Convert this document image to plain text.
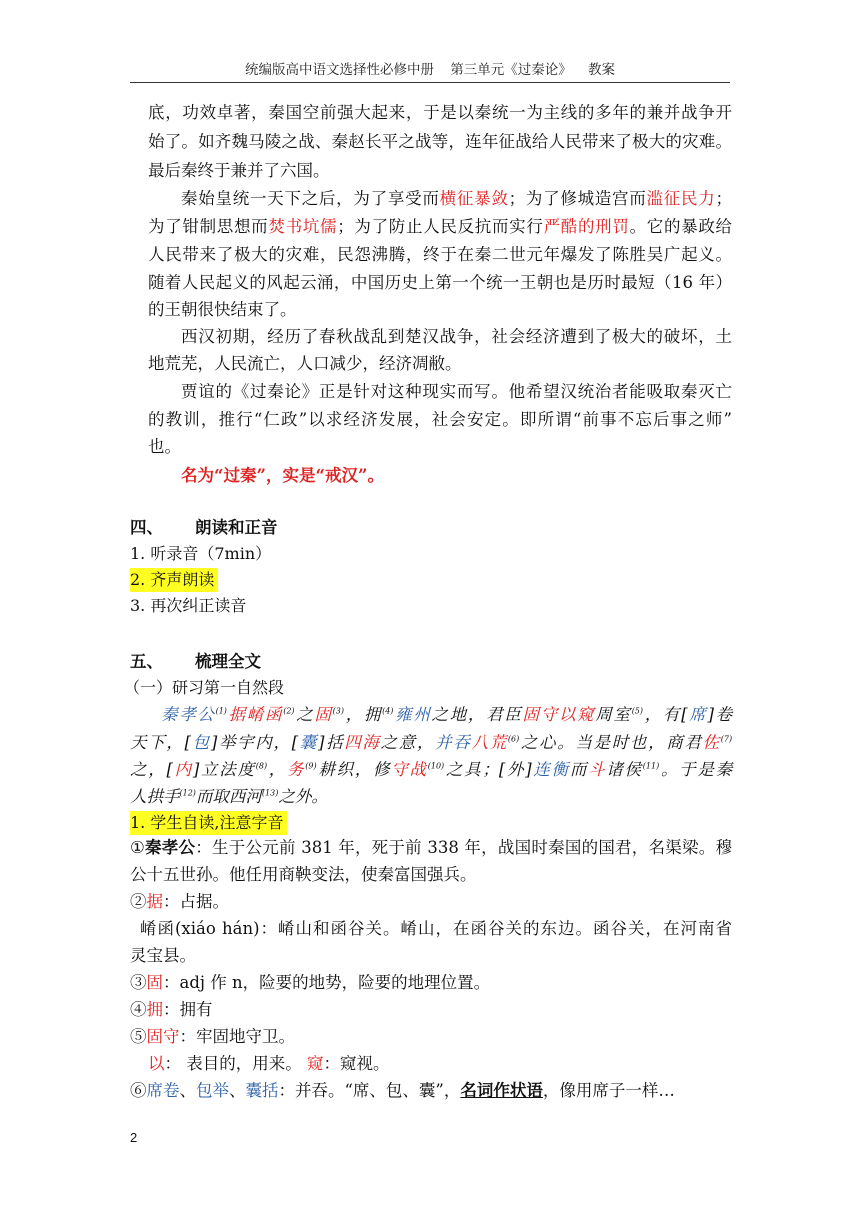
统编版高中语文选择性必修中册 第三单元《过秦论》 教案
底，功效卓著，秦国空前强大起来，于是以秦统一为主线的多年的兼并战争开
始了。如齐魏马陵之战、秦赵长平之战等，连年征战给人民带来了极大的灾难。
最后秦终于兼并了六国。
秦始皇统一天下之后，为了享受而横征暴敛；为了修城造宫而滥征民力；
为了钳制思想而焚书坑儒；为了防止人民反抗而实行严酷的刑罚。它的暴政给
人民带来了极大的灾难，民怨沸腾，终于在秦二世元年爆发了陈胜吴广起义。
随着人民起义的风起云涌，中国历史上第一个统一王朝也是历时最短（16 年）
的王朝很快结束了。
西汉初期，经历了春秋战乱到楚汉战争，社会经济遭到了极大的破坏，土
地荒芜，人民流亡，人口减少，经济凋敝。
贾谊的《过秦论》正是针对这种现实而写。他希望汉统治者能吸取秦灭亡
的教训，推行“仁政”以求经济发展，社会安定。即所谓“前事不忘后事之师”
也。
名为“过秦”，实是“戒汉”。
四、 朗读和正音
1. 听录音（7min）
2. 齐声朗读
3. 再次纠正读音
五、 梳理全文
（一）研习第一自然段
秦孝公$^{(1)}$据崤函$^{(2)}$之固$^{(3)}$，拥$^{(4)}$雍州之地，君臣固守以窥周室$^{(5)}$，有[席]卷
天下，[包]举宇内，[囊]括四海之意，并吞八荒$^{(6)}$之心。当是时也，商君佐$^{(7)}$
之，[内]立法度$^{(8)}$，务$^{(9)}$耕织，修守战$^{(10)}$之具；[外]连衡而斗诸侯$^{(11)}$。于是秦
人拱手$^{(12)}$而取西河$^{(13)}$之外。
1. 学生自读,注意字音
①秦孝公：生于公元前 381 年，死于前 338 年，战国时秦国的国君，名渠梁。穆
公十五世孙。他任用商鞅变法，使秦富国强兵。
②据：占据。
崤函(xiáo hán)：崤山和函谷关。崤山，在函谷关的东边。函谷关，在河南省
灵宝县。
③固：adj 作 n，险要的地势，险要的地理位置。
④拥：拥有
⑤固守：牢固地守卫。
以： 表目的，用来。 窥：窥视。
⑥席卷、包举、囊括：并吞。“席、包、囊”，名词作状语，像用席子一样…
2
